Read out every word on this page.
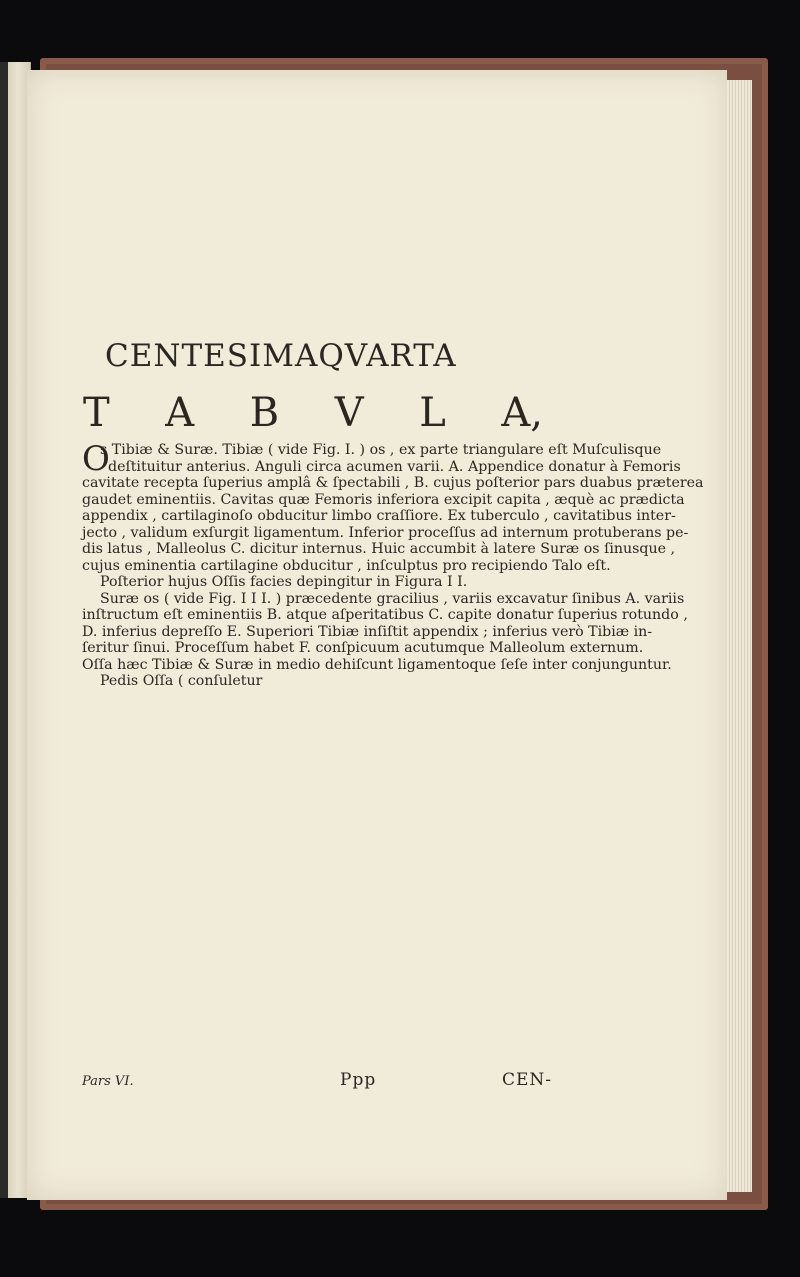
CENTESIMAQVARTA
T A B V L A,
O
s Tibiæ & Suræ. Tibiæ ( vide Fig. I. ) os , ex parte triangulare eſt Muſculisque
deſtituitur anterius. Anguli circa acumen varii. A. Appendice donatur à Femoris
cavitate recepta ſuperius amplâ & ſpectabili , B. cujus poſterior pars duabus præterea
gaudet eminentiis. Cavitas quæ Femoris inferiora excipit capita , æquè ac prædicta
appendix , cartilaginoſo obducitur limbo craſſiore. Ex tuberculo , cavitatibus inter-
jecto , validum exſurgit ligamentum. Inferior proceſſus ad internum protuberans pe-
dis latus , Malleolus C. dicitur internus. Huic accumbit à latere Suræ os ſinusque ,
cujus eminentia cartilagine obducitur , inſculptus pro recipiendo Talo eſt.
Poſterior hujus Oſſis facies depingitur in Figura I I.
Suræ os ( vide Fig. I I I. ) præcedente gracilius , variis excavatur ſinibus A. variis
inſtructum eſt eminentiis B. atque aſperitatibus C. capite donatur ſuperius rotundo ,
D. inferius depreſſo E. Superiori Tibiæ inſiſtit appendix ; inferius verò Tibiæ in-
ſeritur ſinui. Proceſſum habet F. conſpicuum acutumque Malleolum externum.
Oſſa hæc Tibiæ & Suræ in medio dehiſcunt ligamentoque ſeſe inter conjunguntur.
Pedis Oſſa ( conſuletur
Pars VI.	Ppp	CEN-
